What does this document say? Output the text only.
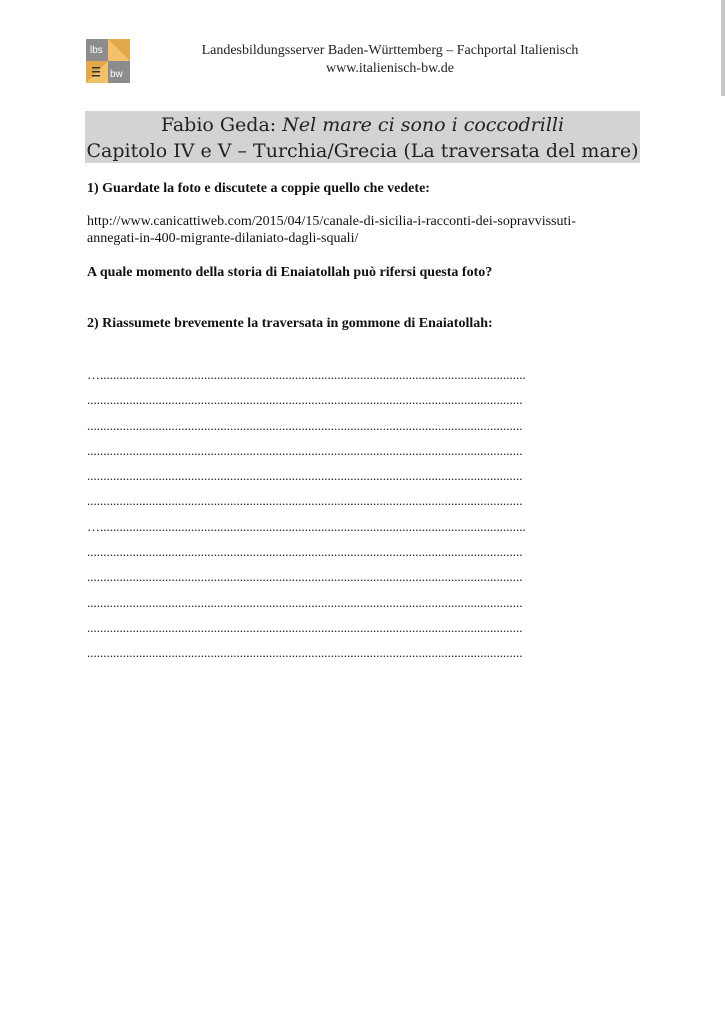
lbs
bw
Landesbildungsserver Baden-Württemberg – Fachportal Italienisch
www.italienisch-bw.de
Fabio Geda: Nel mare ci sono i coccodrilli
Capitolo IV e V – Turchia/Grecia (La traversata del mare)
1) Guardate la foto e discutete a coppie quello che vedete:
http://www.canicattiweb.com/2015/04/15/canale-di-sicilia-i-racconti-dei-sopravvissuti-
annegati-in-400-migrante-dilaniato-dagli-squali/
A quale momento della storia di Enaiatollah può rifersi questa foto?
2) Riassumete brevemente la traversata in gommone di Enaiatollah:
…...................................................................................................................................
......................................................................................................................................
......................................................................................................................................
......................................................................................................................................
......................................................................................................................................
......................................................................................................................................
…...................................................................................................................................
......................................................................................................................................
......................................................................................................................................
......................................................................................................................................
......................................................................................................................................
......................................................................................................................................
